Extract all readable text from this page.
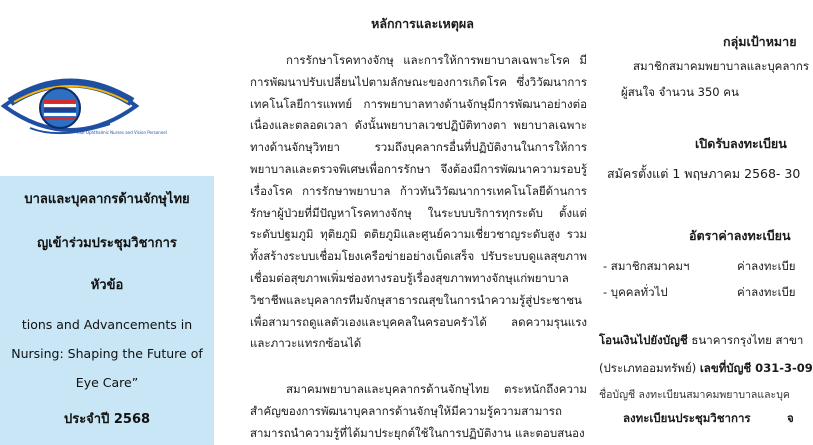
Thai Ophthalmic Nurses and Vision Personnel
บาลและบุคลากรด้านจักษุไทย
ญเข้าร่วมประชุมวิชาการ
หัวข้อ
tions and Advancements in
Nursing: Shaping the Future of
Eye Care”
ประจำปี 2568
หลักการและเหตุผล

การรักษาโรคทางจักษุ และการให้การพยาบาลเฉพาะโรค มีการพัฒนาปรับเปลี่ยนไปตามลักษณะของการเกิดโรค ซึ่งวิวัฒนาการเทคโนโลยีการแพทย์ การพยาบาลทางด้านจักษุมีการพัฒนาอย่างต่อเนื่องและตลอดเวลา ดังนั้นพยาบาลเวชปฏิบัติทางตา พยาบาลเฉพาะทางด้านจักษุวิทยา รวมถึงบุคลากรอื่นที่ปฏิบัติงานในการให้การพยาบาลและตรวจพิเศษเพื่อการรักษา จึงต้องมีการพัฒนาความรอบรู้เรื่องโรค การรักษาพยาบาล ก้าวทันวิวัฒนาการเทคโนโลยีด้านการรักษาผู้ป่วยที่มีปัญหาโรคทางจักษุ ในระบบบริการทุกระดับ ตั้งแต่ระดับปฐมภูมิ ทุติยภูมิ ตติยภูมิและศูนย์ความเชี่ยวชาญระดับสูง รวมทั้งสร้างระบบเชื่อมโยงเครือข่ายอย่างเบ็ดเสร็จ ปรับระบบดูแลสุขภาพ เชื่อมต่อสุขภาพเพิ่มช่องทางรอบรู้เรื่องสุขภาพทางจักษุแก่พยาบาลวิชาชีพและบุคลากรทีมจักษุสาธารณสุขในการนำความรู้สู่ประชาชนเพื่อสามารถดูแลตัวเองและบุคคลในครอบครัวได้ ลดความรุนแรงและภาวะแทรกซ้อนได้

สมาคมพยาบาลและบุคลากรด้านจักษุไทย ตระหนักถึงความสำคัญของการพัฒนาบุคลากรด้านจักษุให้มีความรู้ความสามารถ สามารถนำความรู้ที่ได้มาประยุกต์ใช้ในการปฏิบัติงาน และตอบสนอง

กลุ่มเป้าหมาย
สมาชิกสมาคมพยาบาลและบุคลากร
ผู้สนใจ จำนวน 350 คน
เปิดรับลงทะเบียน
สมัครตั้งแต่ 1 พฤษภาคม 2568- 30
อัตราค่าลงทะเบียน
- สมาชิกสมาคมฯ	ค่าลงทะเบีย
- บุคคลทั่วไป	ค่าลงทะเบีย
โอนเงินไปยังบัญชี ธนาคารกรุงไทย สาขา
(ประเภทออมทรัพย์) เลขที่บัญชี 031-3-09
ชื่อบัญชี ลงทะเบียนสมาคมพยาบาลและบุค
ลงทะเบียนประชุมวิชาการ	จ
